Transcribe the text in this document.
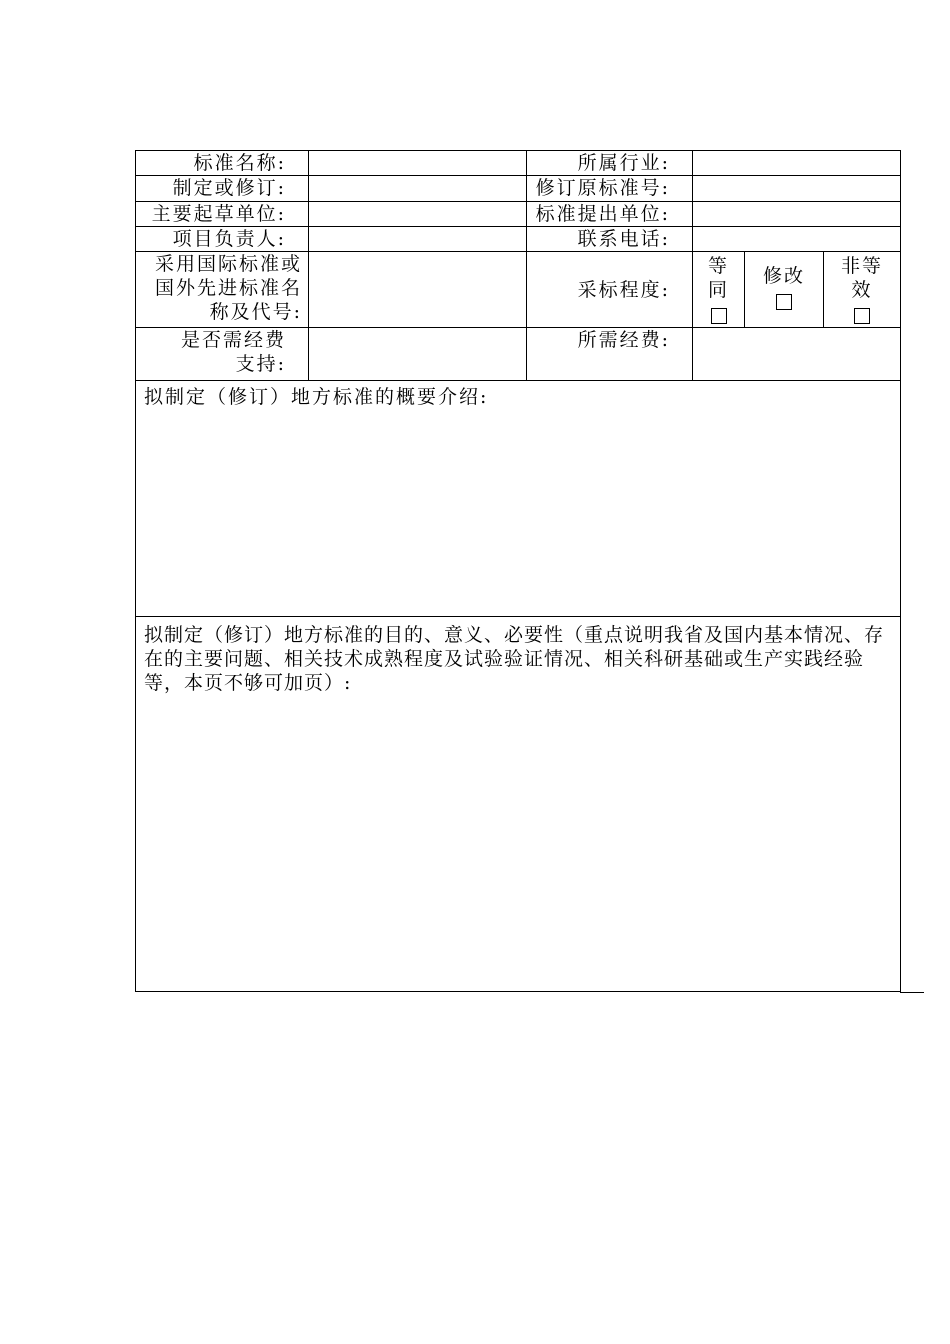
标准名称:		所属行业:			
制定或修订:		修订原标准号:			
主要起草单位:		标准提出单位:			
项目负责人:		联系电话:			

采用国际标准或国外先进标准名称及代号:		采标程度:	等同	修改	非等效

是否需经费支持:		所需经费:			

拟制定（修订）地方标准的概要介绍:					

拟制定（修订）地方标准的目的、意义、必要性（重点说明我省及国内基本情况、存在的主要问题、相关技术成熟程度及试验验证情况、相关科研基础或生产实践经验等，本页不够可加页）:					
